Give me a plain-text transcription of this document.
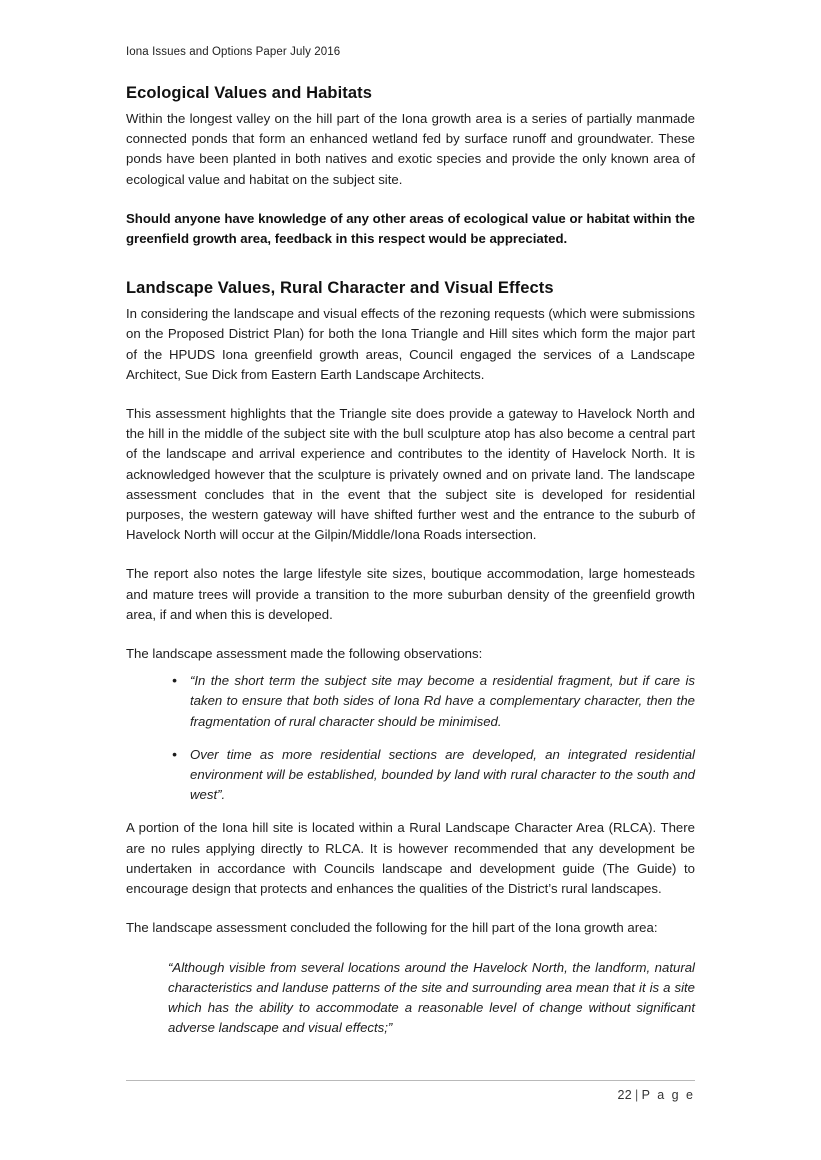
Iona Issues and Options Paper July 2016
Ecological Values and Habitats

Within the longest valley on the hill part of the Iona growth area is a series of partially manmade connected ponds that form an enhanced wetland fed by surface runoff and groundwater. These ponds have been planted in both natives and exotic species and provide the only known area of ecological value and habitat on the subject site.

Should anyone have knowledge of any other areas of ecological value or habitat within the greenfield growth area, feedback in this respect would be appreciated.

Landscape Values, Rural Character and Visual Effects

In considering the landscape and visual effects of the rezoning requests (which were submissions on the Proposed District Plan) for both the Iona Triangle and Hill sites which form the major part of the HPUDS Iona greenfield growth areas, Council engaged the services of a Landscape Architect, Sue Dick from Eastern Earth Landscape Architects.

This assessment highlights that the Triangle site does provide a gateway to Havelock North and the hill in the middle of the subject site with the bull sculpture atop has also become a central part of the landscape and arrival experience and contributes to the identity of Havelock North. It is acknowledged however that the sculpture is privately owned and on private land. The landscape assessment concludes that in the event that the subject site is developed for residential purposes, the western gateway will have shifted further west and the entrance to the suburb of Havelock North will occur at the Gilpin/Middle/Iona Roads intersection.

The report also notes the large lifestyle site sizes, boutique accommodation, large homesteads and mature trees will provide a transition to the more suburban density of the greenfield growth area, if and when this is developed.

The landscape assessment made the following observations:

• “In the short term the subject site may become a residential fragment, but if care is taken to ensure that both sides of Iona Rd have a complementary character, then the fragmentation of rural character should be minimised.
• Over time as more residential sections are developed, an integrated residential environment will be established, bounded by land with rural character to the south and west”.

A portion of the Iona hill site is located within a Rural Landscape Character Area (RLCA). There are no rules applying directly to RLCA. It is however recommended that any development be undertaken in accordance with Councils landscape and development guide (The Guide) to encourage design that protects and enhances the qualities of the District’s rural landscapes.

The landscape assessment concluded the following for the hill part of the Iona growth area:

“Although visible from several locations around the Havelock North, the landform, natural characteristics and landuse patterns of the site and surrounding area mean that it is a site which has the ability to accommodate a reasonable level of change without significant adverse landscape and visual effects;”

22 | P a g e
